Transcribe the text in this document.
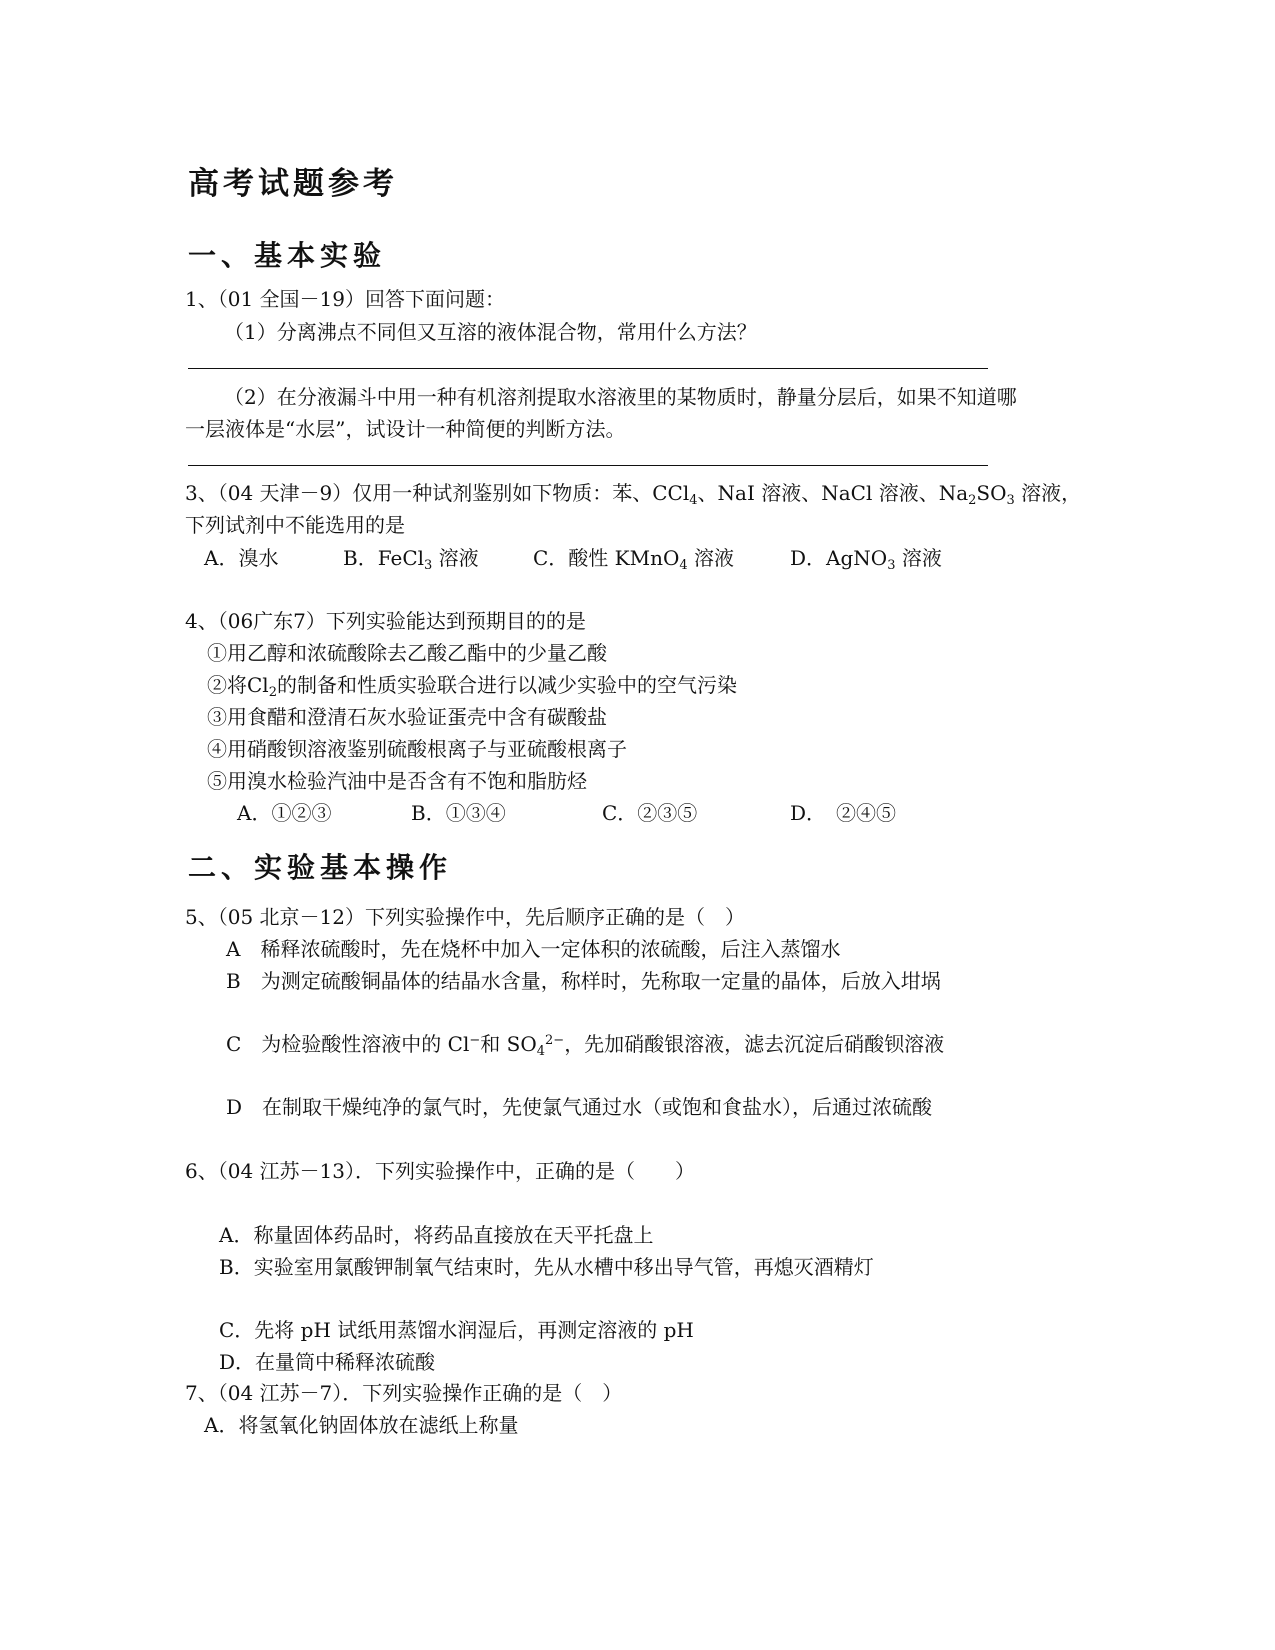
高考试题参考
一、基本实验
1、（01 全国－19）回答下面问题：
（1）分离沸点不同但又互溶的液体混合物，常用什么方法？
（2）在分液漏斗中用一种有机溶剂提取水溶液里的某物质时，静量分层后，如果不知道哪
一层液体是“水层”，试设计一种简便的判断方法。
3、（04 天津－9）仅用一种试剂鉴别如下物质：苯、CCl$_4$、NaI 溶液、NaCl 溶液、$Na_2SO_3$ 溶液，
下列试剂中不能选用的是
A．溴水	B．FeCl$_3$ 溶液	C．酸性 KMnO$_4$ 溶液	D．AgNO$_3$ 溶液
4、（06广东7）下列实验能达到预期目的的是
①用乙醇和浓硫酸除去乙酸乙酯中的少量乙酸
②将$Cl_2$的制备和性质实验联合进行以减少实验中的空气污染
③用食醋和澄清石灰水验证蛋壳中含有碳酸盐
④用硝酸钡溶液鉴别硫酸根离子与亚硫酸根离子
⑤用溴水检验汽油中是否含有不饱和脂肪烃
A．①②③	B．①③④	C．②③⑤	D．　②④⑤
二、实验基本操作
5、（05 北京－12）下列实验操作中，先后顺序正确的是（　）
A　稀释浓硫酸时，先在烧杯中加入一定体积的浓硫酸，后注入蒸馏水
B　为测定硫酸铜晶体的结晶水含量，称样时，先称取一定量的晶体，后放入坩埚
C　为检验酸性溶液中的 Cl−和 $SO_4^{2-}$，先加硝酸银溶液，滤去沉淀后硝酸钡溶液
D　在制取干燥纯净的氯气时，先使氯气通过水（或饱和食盐水），后通过浓硫酸
6、（04 江苏－13）．下列实验操作中，正确的是（　　）
A．称量固体药品时，将药品直接放在天平托盘上
B．实验室用氯酸钾制氧气结束时，先从水槽中移出导气管，再熄灭酒精灯
C．先将 pH 试纸用蒸馏水润湿后，再测定溶液的 pH
D．在量筒中稀释浓硫酸
7、（04 江苏－7）．下列实验操作正确的是（　）
A．将氢氧化钠固体放在滤纸上称量
